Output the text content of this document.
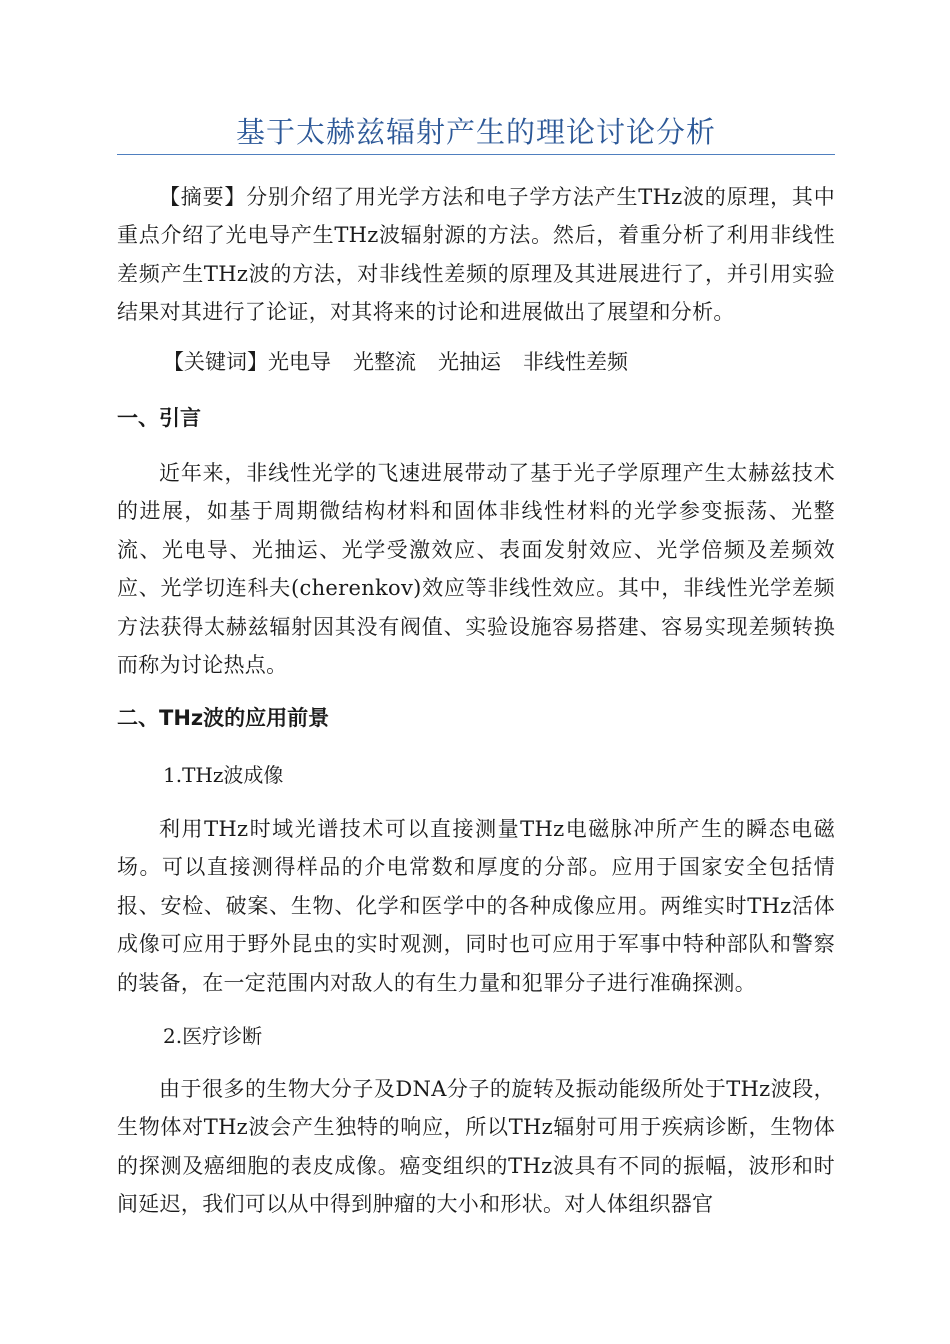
基于太赫兹辐射产生的理论讨论分析

【摘要】分别介绍了用光学方法和电子学方法产生THz波的原理，其中重点介绍了光电导产生THz波辐射源的方法。然后，着重分析了利用非线性差频产生THz波的方法，对非线性差频的原理及其进展进行了，并引用实验结果对其进行了论证，对其将来的讨论和进展做出了展望和分析。

【关键词】光电导 光整流 光抽运 非线性差频
一、引言

近年来，非线性光学的飞速进展带动了基于光子学原理产生太赫兹技术的进展，如基于周期微结构材料和固体非线性材料的光学参变振荡、光整流、光电导、光抽运、光学受激效应、表面发射效应、光学倍频及差频效应、光学切连科夫(cherenkov)效应等非线性效应。其中，非线性光学差频方法获得太赫兹辐射因其没有阀值、实验设施容易搭建、容易实现差频转换而称为讨论热点。

二、THz波的应用前景
1.THz波成像

利用THz时域光谱技术可以直接测量THz电磁脉冲所产生的瞬态电磁场。可以直接测得样品的介电常数和厚度的分部。应用于国家安全包括情报、安检、破案、生物、化学和医学中的各种成像应用。两维实时THz活体成像可应用于野外昆虫的实时观测，同时也可应用于军事中特种部队和警察的装备，在一定范围内对敌人的有生力量和犯罪分子进行准确探测。

2.医疗诊断

由于很多的生物大分子及DNA分子的旋转及振动能级所处于THz波段，生物体对THz波会产生独特的响应，所以THz辐射可用于疾病诊断，生物体的探测及癌细胞的表皮成像。癌变组织的THz波具有不同的振幅，波形和时间延迟，我们可以从中得到肿瘤的大小和形状。对人体组织器官
